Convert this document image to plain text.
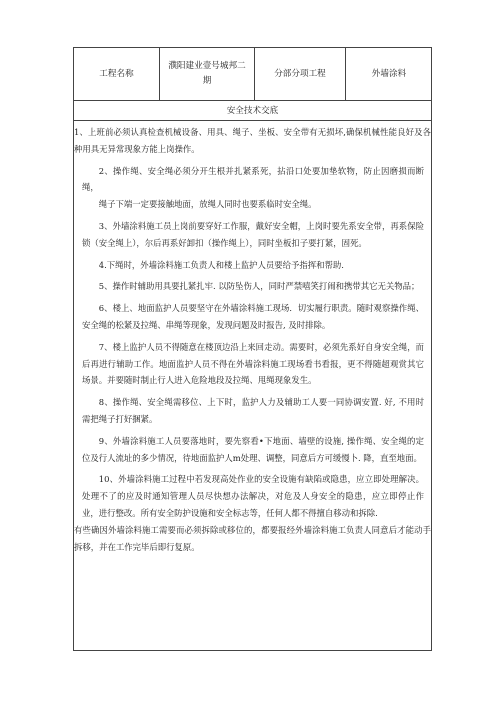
工程名称
濮阳建业壹号城邦二期
分部分项工程	外墙涂料
安全技术交底

1、上班前必须认真检查机械设备、用具、绳子、坐板、安全带有无损坏,确保机械性能良好及各种用具无异常现象方能上岗操作。

2、操作绳、安全绳必须分开生根并扎紧系死，拈沿口处要加垫软物，防止因磨损而断绳，

绳子下端一定要接触地面，放绳人同时也要系临时安全绳。

3、外墙涂料施工员上岗前要穿好工作服，戴好安全帽，上岗时要先系安全带，再系保险锁（安全绳上），尔后再系好卸扣（操作绳上），同时坐板扣子要打紧，固死。

4.下绳时，外墙涂料施工负责人和楼上监护人员要给予指挥和帮助.

5、操作时辅助用具要扎紧扎牢. 以防坠伤人，同时严禁嘻笑打闹和携带其它无关物品；

6、楼上、地面监护人员要坚守在外墙涂料施工现场．切实履行职责。随时观察操作绳、安全绳的松紧及拉绳、串绳等现象，发现问题及时报告, 及时排除。

7、楼上监护人员不得随意在楼顶边沿上来回走动。需要时，必须先系好自身安全绳，而后再进行辅助工作。地面监护人员不得在外墙涂料施工现场看书看报，更不得随超观赏其它场景。并要随时制止行人进入危险地段及拉绳、甩绳现象发生。

8、操作绳、安全绳需移位、上下时，监护人力及辅助工人要一同协调安置. 好, 不用时需把绳子打好捆紧。

9、外墙涂料施工人员要落地时，要先察看•下地面、墙壁的设施, 操作绳、安全绳的定位及行人流址的多少情况，待地面监护人m处理、调整，同意后方可缓慢卜. 降，直至地面。

10、外墙涂料施工过程中若发现高处作业的安全设施有缺陷或隐患，应立即处理解决。处理不了的应及时通知管理人员尽快想办法解决，对危及人身安全的隐患，应立即停止作业，进行整改。所有安全防护设施和安全标志等，任何人都不得擅自移动和拆除.

有些确因外墙涂料施工需要而必须拆除或移位的，都要报经外墙涂料施工负责人同意后才能动手拆移，并在工作完毕后即行复原。
